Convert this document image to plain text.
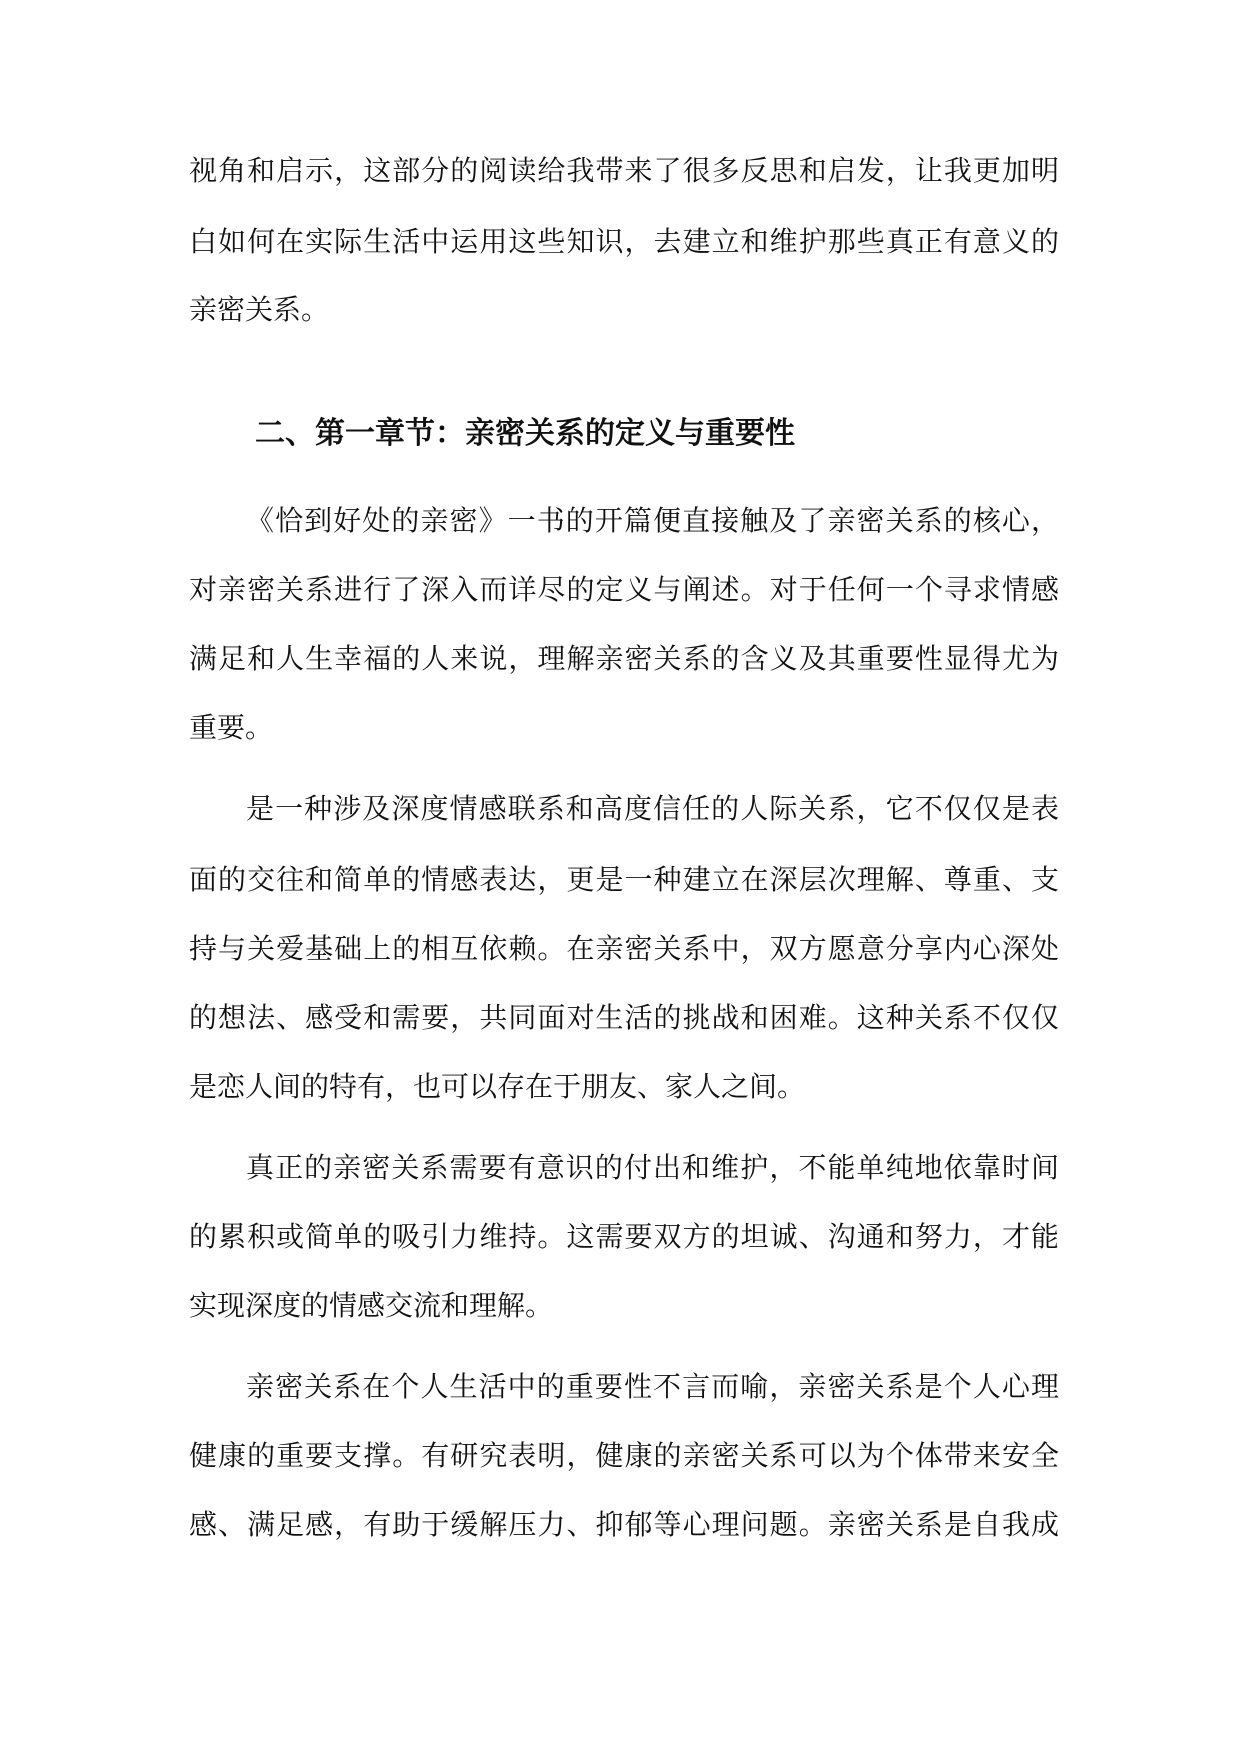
视角和启示，这部分的阅读给我带来了很多反思和启发，让我更加明
白如何在实际生活中运用这些知识，去建立和维护那些真正有意义的
亲密关系。
二、第一章节：亲密关系的定义与重要性
《恰到好处的亲密》一书的开篇便直接触及了亲密关系的核心，
对亲密关系进行了深入而详尽的定义与阐述。对于任何一个寻求情感
满足和人生幸福的人来说，理解亲密关系的含义及其重要性显得尤为
重要。
是一种涉及深度情感联系和高度信任的人际关系，它不仅仅是表
面的交往和简单的情感表达，更是一种建立在深层次理解、尊重、支
持与关爱基础上的相互依赖。在亲密关系中，双方愿意分享内心深处
的想法、感受和需要，共同面对生活的挑战和困难。这种关系不仅仅
是恋人间的特有，也可以存在于朋友、家人之间。
真正的亲密关系需要有意识的付出和维护，不能单纯地依靠时间
的累积或简单的吸引力维持。这需要双方的坦诚、沟通和努力，才能
实现深度的情感交流和理解。
亲密关系在个人生活中的重要性不言而喻，亲密关系是个人心理
健康的重要支撑。有研究表明，健康的亲密关系可以为个体带来安全
感、满足感，有助于缓解压力、抑郁等心理问题。亲密关系是自我成
